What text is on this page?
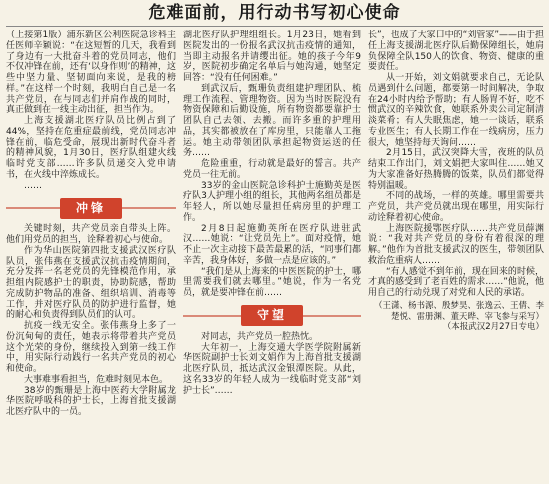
危难面前，用行动书写初心使命

（上接第1版）浦东新区公利医院急诊科主任医师辛颖说：“在这短暂的几天，我看到了身边有一大批奋斗着的党员同志，他们不仅冲锋在前，还有‘以身作则’的精神，这些中坚力量、坚韧面向来说，是我的榜样。”在这样一个时刻，我明白自己是一名共产党员，在与同志们并肩作战的同时，真正做到在一线主动出征，担当作为。

上海支援湖北医疗队员比例占到了44%，坚持在危重症最前线，党员同志冲锋在前，临危受命，展现出新时代奋斗者的精神风貌，1月30日，医疗队组建火线临时党支部……许多队员递交入党申请书，在火线中淬炼成长。

……

冲锋

关键时刻，共产党员亲自带头上阵。他们用党员的担当，诠释着初心与使命。

作为华山医院第四批支援武汉医疗队队员，张伟燕在支援武汉抗击疫情期间，充分发挥一名老党员的先锋模范作用，承担组内院感护士的职责，协助院感，帮助完成防护物品的准备、组织培训、消毒等工作，并对医疗队员的防护进行监督，她的耐心和负责得到队员们的认可。

抗疫一线无安全。张伟燕身上多了一份沉甸甸的责任，她表示将带着共产党员这个光荣的身份，继续投入到第一线工作中，用实际行动践行一名共产党员的初心和使命。

大事难事看担当，危难时刻见本色。

38岁的甄珊是上海中医药大学附属龙华医院呼吸科的护士长，上海首批支援湖北医疗队中的一员。

湖北医疗队护理组组长。1月23日，她看到医院发出的一份报名武汉抗击疫情的通知，当即主动报名并请缨出征。她的孩子今年9岁，医院初步确定名单后与她沟通，她坚定回答：“没有任何困难。”

到武汉后，甄珊负责组建护理团队、梳理工作流程、管理物资。因为当时医院没有物资保障和后勤设施，所有物资都要靠护士团队自己去领、去搬。而许多重的护理用品，其实都被放在了库房里，只能靠人工拖运。她主动带领团队承担起物资运送的任务……

危险重重，行动就是最好的誓言。共产党员一往无前。

33岁的金山医院急诊科护士施勤英是医疗队3人护理小组的组长，其他两名组员都是年轻人，所以她尽量担任病房里的护理工作。

2月8日起施勤英所在医疗队进驻武汉……她说：“让党员先上”。面对疫情，她不止一次主动接下最苦最累的活，“同事们都辛苦，我身体好，多做一点是应该的。”

“我们是从上海来的中医医院的护士，哪里需要我们就去哪里。”她说，作为一名党员，就是要冲锋在前……

守望

对同志，共产党员一腔热忱。

大年初一，上海交通大学医学院附属新华医院副护士长刘文娟作为上海首批支援湖北医疗队员，抵达武汉金银潭医院。从此，这名33岁的年轻人成为一线临时党支部“刘护士长”……

长”，也成了大家口中的“刘管家”——由于担任上海支援湖北医疗队后勤保障组长，她肩负保障全队150人的饮食、物资、健康的重要责任。

从一开始，刘文娟就要求自己，无论队员遇到什么问题，都要第一时间解决，争取在24小时内给予帮助；有人肠胃不好，吃不惯武汉的辛辣饮食，她联系外卖公司定制清淡菜肴；有人失眠焦虑，她一一谈话，联系专业医生；有人长期工作在一线病房，压力很大，她坚持每天询问……

2月15日，武汉突降大雪，夜班的队员结束工作出门，刘文娟把大家叫住……她又为大家准备好热腾腾的饭菜，队员们都觉得特别温暖。

不同的战场，一样的英雄。哪里需要共产党员，共产党员就出现在哪里，用实际行动诠释着初心使命。

上海医院援鄂医疗队……共产党员薛渊说：“我对共产党员的身份有着很深的理解。”他作为首批支援武汉的医生，带领团队救治危重病人……

“有人感觉不到年前，现在回来的时候，才真的感受到了老百姓的需求……”他说，他用自己的行动兑现了对党和人民的承诺。

（王潇、杨书源、殷梦昊、张逸云、王倩、李楚悦、雷册渊、董天晔、宰飞参与采写）

（本报武汉2月27日专电）
